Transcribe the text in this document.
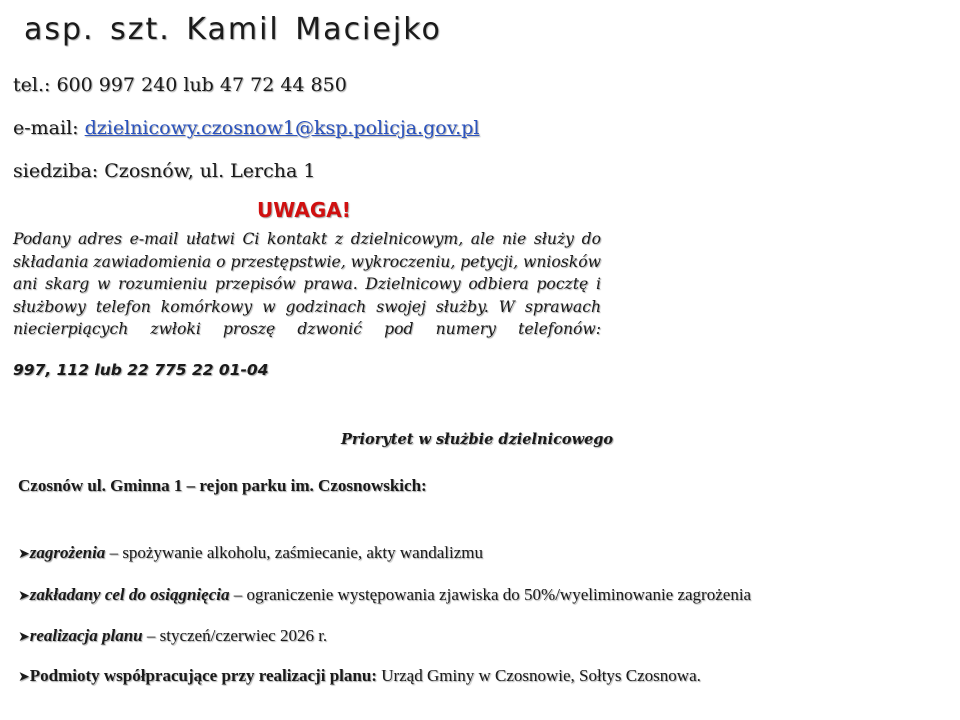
asp. szt. Kamil Maciejko
tel.: 600 997 240 lub 47 72 44 850
e-mail: dzielnicowy.czosnow1@ksp.policja.gov.pl
siedziba: Czosnów, ul. Lercha 1
UWAGA!

Podany adres e-mail ułatwi Ci kontakt z dzielnicowym, ale nie służy do składania zawiadomienia o przestępstwie, wykroczeniu, petycji, wniosków ani skarg w rozumieniu przepisów prawa. Dzielnicowy odbiera pocztę i służbowy telefon komórkowy w godzinach swojej służby. W sprawach niecierpiących zwłoki proszę dzwonić pod numery telefonów:

997, 112 lub 22 775 22 01-04
Priorytet w służbie dzielnicowego
Czosnów ul. Gminna 1 – rejon parku im. Czosnowskich:
➤zagrożenia – spożywanie alkoholu, zaśmiecanie, akty wandalizmu
➤zakładany cel do osiągnięcia – ograniczenie występowania zjawiska do 50%/wyeliminowanie zagrożenia
➤realizacja planu – styczeń/czerwiec 2026 r.
➤Podmioty współpracujące przy realizacji planu: Urząd Gminy w Czosnowie, Sołtys Czosnowa.
